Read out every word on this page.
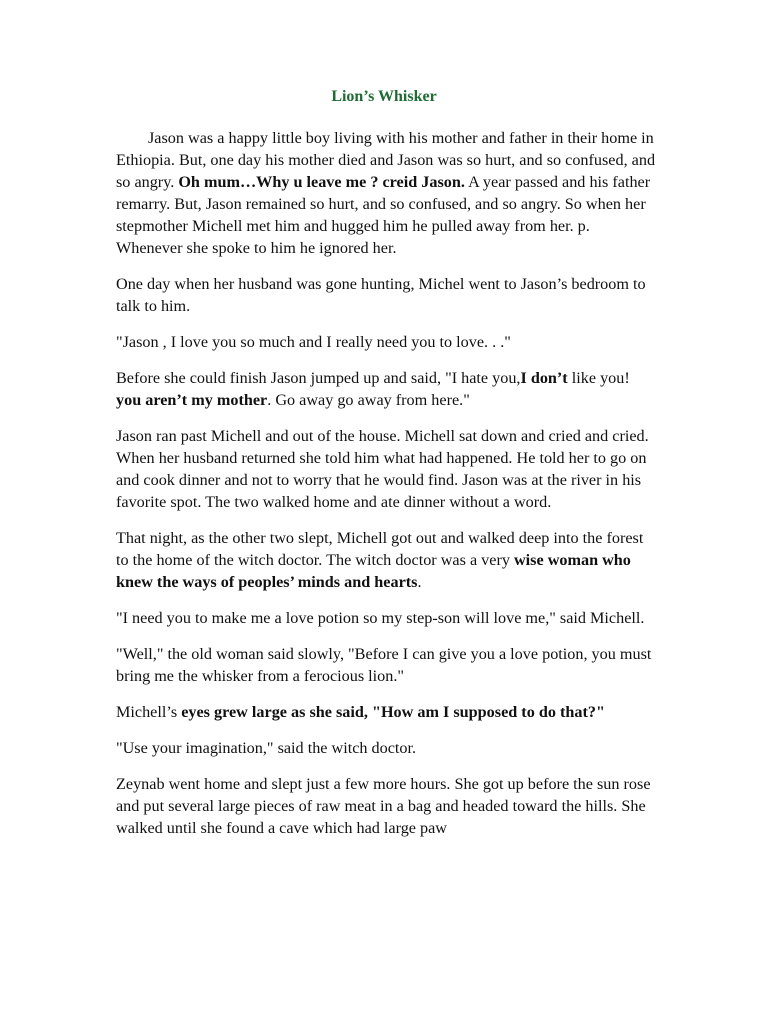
Lion’s Whisker

Jason was a happy little boy living with his mother and father in their home in Ethiopia. But, one day his mother died and Jason was so hurt, and so confused, and so angry. Oh mum…Why u leave me ? creid Jason. A year passed and his father remarry. But, Jason remained so hurt, and so confused, and so angry. So when her stepmother Michell met him and hugged him he pulled away from her. p. Whenever she spoke to him he ignored her.

One day when her husband was gone hunting, Michel went to Jason’s bedroom to talk to him.

"Jason , I love you so much and I really need you to love. . ."

Before she could finish Jason jumped up and said, "I hate you,I don’t like you! you aren’t my mother. Go away go away from here."

Jason ran past Michell and out of the house. Michell sat down and cried and cried. When her husband returned she told him what had happened. He told her to go on and cook dinner and not to worry that he would find. Jason was at the river in his favorite spot. The two walked home and ate dinner without a word.

That night, as the other two slept, Michell got out and walked deep into the forest to the home of the witch doctor. The witch doctor was a very wise woman who knew the ways of peoples’ minds and hearts.

"I need you to make me a love potion so my step-son will love me," said Michell.

"Well," the old woman said slowly, "Before I can give you a love potion, you must bring me the whisker from a ferocious lion."

Michell’s eyes grew large as she said, "How am I supposed to do that?"

"Use your imagination," said the witch doctor.

Zeynab went home and slept just a few more hours. She got up before the sun rose and put several large pieces of raw meat in a bag and headed toward the hills. She walked until she found a cave which had large paw
